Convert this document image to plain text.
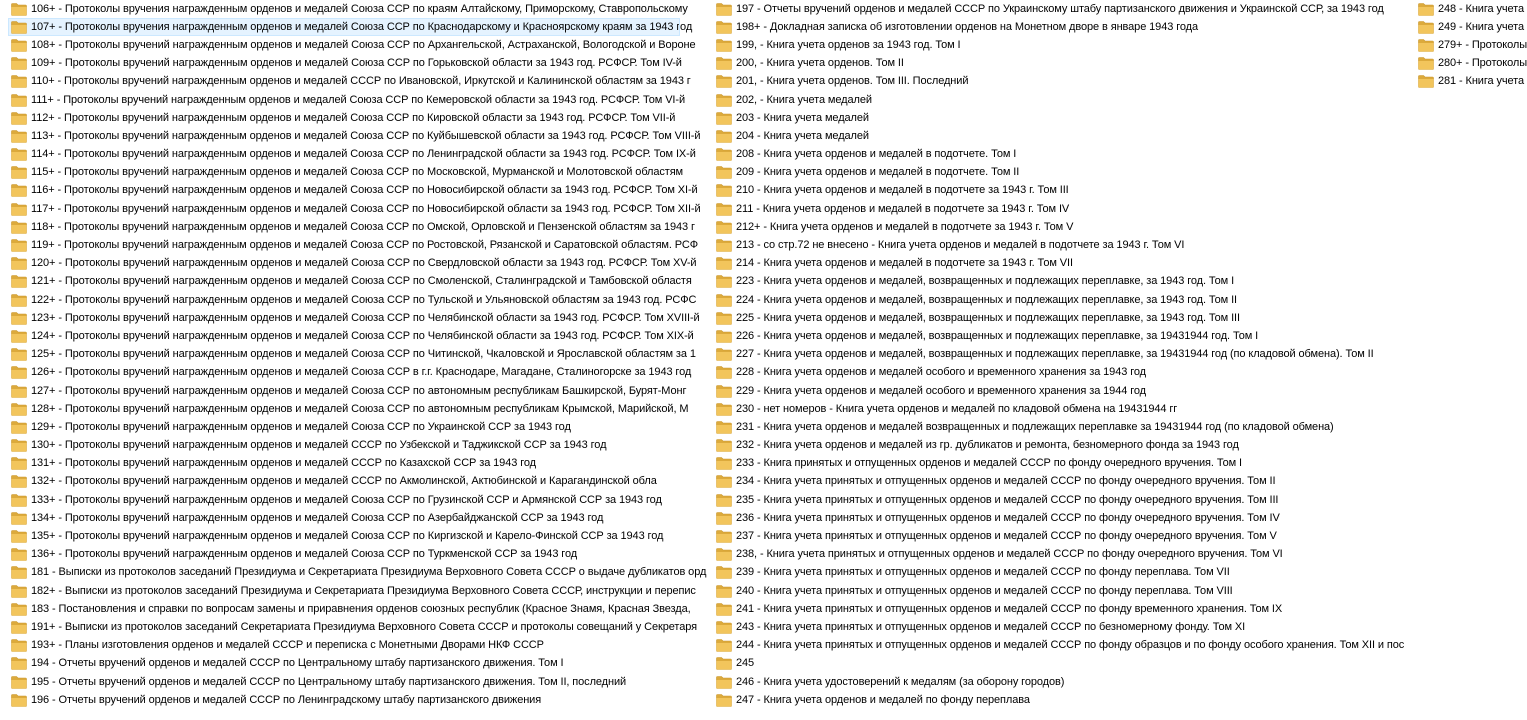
106+ - Протоколы вручения награжденным орденов и медалей Союза ССР по краям Алтайскому, Приморскому, Ставропольскому
107+ - Протоколы вручения награжденным орденов и медалей Союза ССР по Краснодарскому и Красноярскому краям за 1943 год
108+ - Протоколы вручений награжденным орденов и медалей Союза ССР по Архангельской, Астраханской, Вологодской и Вороне
109+ - Протоколы вручений награжденным орденов и медалей Союза ССР по Горьковской области за 1943 год. РСФСР. Том IV-й
110+ - Протоколы вручений награжденным орденов и медалей СССР по Ивановской, Иркутской и Калининской областям за 1943 г
111+ - Протоколы вручений награжденным орденов и медалей Союза ССР по Кемеровской области за 1943 год. РСФСР. Том VI-й
112+ - Протоколы вручений награжденным орденов и медалей Союза ССР по Кировской области за 1943 год. РСФСР. Том VII-й
113+ - Протоколы вручений награжденным орденов и медалей Союза ССР по Куйбышевской области за 1943 год. РСФСР. Том VIII-й
114+ - Протоколы вручений награжденным орденов и медалей Союза ССР по Ленинградской области за 1943 год. РСФСР. Том IX-й
115+ - Протоколы вручений награжденным орденов и медалей Союза ССР по Московской, Мурманской и Молотовской областям
116+ - Протоколы вручений награжденным орденов и медалей Союза ССР по Новосибирской области за 1943 год. РСФСР. Том XI-й
117+ - Протоколы вручений награжденным орденов и медалей Союза ССР по Новосибирской области за 1943 год. РСФСР. Том XII-й
118+ - Протоколы вручений награжденным орденов и медалей Союза ССР по Омской, Орловской и Пензенской областям за 1943 г
119+ - Протоколы вручений награжденным орденов и медалей Союза ССР по Ростовской, Рязанской и Саратовской областям. РСФ
120+ - Протоколы вручений награжденным орденов и медалей Союза ССР по Свердловской области за 1943 год. РСФСР. Том XV-й
121+ - Протоколы вручений награжденным орденов и медалей Союза ССР по Смоленской, Сталинградской и Тамбовской областя
122+ - Протоколы вручений награжденным орденов и медалей Союза ССР по Тульской и Ульяновской областям за 1943 год. РСФС
123+ - Протоколы вручений награжденным орденов и медалей Союза ССР по Челябинской области за 1943 год. РСФСР. Том XVIII-й
124+ - Протоколы вручений награжденным орденов и медалей Союза ССР по Челябинской области за 1943 год. РСФСР. Том XIX-й
125+ - Протоколы вручений награжденным орденов и медалей Союза ССР по Читинской, Чкаловской и Ярославской областям за 1
126+ - Протоколы вручений награжденным орденов и медалей Союза ССР в г.г. Краснодаре, Магадане, Сталиногорске за 1943 год
127+ - Протоколы вручений награжденным орденов и медалей Союза ССР по автономным республикам Башкирской, Бурят-Монг
128+ - Протоколы вручений награжденным орденов и медалей Союза ССР по автономным республикам Крымской, Марийской, М
129+ - Протоколы вручений награжденным орденов и медалей Союза ССР по Украинской ССР за 1943 год
130+ - Протоколы вручений награжденным орденов и медалей СССР по Узбекской и Таджикской ССР за 1943 год
131+ - Протоколы вручений награжденным орденов и медалей СССР по Казахской ССР за 1943 год
132+ - Протоколы вручений награжденным орденов и медалей СССР по Акмолинской, Актюбинской и Карагандинской обла
133+ - Протоколы вручений награжденным орденов и медалей Союза ССР по Грузинской ССР и Армянской ССР за 1943 год
134+ - Протоколы вручений награжденным орденов и медалей Союза ССР по Азербайджанской ССР за 1943 год
135+ - Протоколы вручений награжденным орденов и медалей Союза ССР по Киргизской и Карело-Финской ССР за 1943 год
136+ - Протоколы вручений награжденным орденов и медалей Союза ССР по Туркменской ССР за 1943 год
181 - Выписки из протоколов заседаний Президиума и Секретариата Президиума Верховного Совета СССР о выдаче дубликатов орд
182+ - Выписки из протоколов заседаний Президиума и Секретариата Президиума Верховного Совета СССР, инструкции и перепис
183 - Постановления и справки по вопросам замены и приравнения орденов союзных республик (Красное Знамя, Красная Звезда,
191+ - Выписки из протоколов заседаний Секретариата Президиума Верховного Совета СССР и протоколы совещаний у Секретаря
193+ - Планы изготовления орденов и медалей СССР и переписка с Монетными Дворами НКФ СССР
194 - Отчеты вручений орденов и медалей СССР по Центральному штабу партизанского движения. Том I
195 - Отчеты вручений орденов и медалей СССР по Центральному штабу партизанского движения. Том II, последний
196 - Отчеты вручений орденов и медалей СССР по Ленинградскому штабу партизанского движения
197 - Отчеты вручений орденов и медалей СССР по Украинскому штабу партизанского движения и Украинской ССР, за 1943 год
198+ - Докладная записка об изготовлении орденов на Монетном дворе в январе 1943 года
199, - Книга учета орденов за 1943 год. Том I
200, - Книга учета орденов. Том II
201, - Книга учета орденов. Том III. Последний
202, - Книга учета медалей
203 - Книга учета медалей
204 - Книга учета медалей
208 - Книга учета орденов и медалей в подотчете. Том I
209 - Книга учета орденов и медалей в подотчете. Том II
210 - Книга учета орденов и медалей в подотчете за 1943 г. Том III
211 - Книга учета орденов и медалей в подотчете за 1943 г. Том IV
212+ - Книга учета орденов и медалей в подотчете за 1943 г. Том V
213 - со стр.72 не внесено - Книга учета орденов и медалей в подотчете за 1943 г. Том VI
214 - Книга учета орденов и медалей в подотчете за 1943 г. Том VII
223 - Книга учета орденов и медалей, возвращенных и подлежащих переплавке, за 1943 год. Том I
224 - Книга учета орденов и медалей, возвращенных и подлежащих переплавке, за 1943 год. Том II
225 - Книга учета орденов и медалей, возвращенных и подлежащих переплавке, за 1943 год. Том III
226 - Книга учета орденов и медалей, возвращенных и подлежащих переплавке, за 19431944 год. Том I
227 - Книга учета орденов и медалей, возвращенных и подлежащих переплавке, за 19431944 год (по кладовой обмена). Том II
228 - Книга учета орденов и медалей особого и временного хранения за 1943 год
229 - Книга учета орденов и медалей особого и временного хранения за 1944 год
230 - нет номеров - Книга учета орденов и медалей по кладовой обмена на 19431944 гг
231 - Книга учета орденов и медалей возвращенных и подлежащих переплавке за 19431944 год (по кладовой обмена)
232 - Книга учета орденов и медалей из гр. дубликатов и ремонта, безномерного фонда за 1943 год
233 - Книга принятых и отпущенных орденов и медалей СССР по фонду очередного вручения. Том I
234 - Книга учета принятых и отпущенных орденов и медалей СССР по фонду очередного вручения. Том II
235 - Книга учета принятых и отпущенных орденов и медалей СССР по фонду очередного вручения. Том III
236 - Книга учета принятых и отпущенных орденов и медалей СССР по фонду очередного вручения. Том IV
237 - Книга учета принятых и отпущенных орденов и медалей СССР по фонду очередного вручения. Том V
238, - Книга учета принятых и отпущенных орденов и медалей СССР по фонду очередного вручения. Том VI
239 - Книга учета принятых и отпущенных орденов и медалей СССР по фонду переплава. Том VII
240 - Книга учета принятых и отпущенных орденов и медалей СССР по фонду переплава. Том VIII
241 - Книга учета принятых и отпущенных орденов и медалей СССР по фонду временного хранения. Том IX
243 - Книга учета принятых и отпущенных орденов и медалей СССР по безномерному фонду. Том XI
244 - Книга учета принятых и отпущенных орденов и медалей СССР по фонду образцов и по фонду особого хранения. Том XII и пос
245
246 - Книга учета удостоверений к медалям (за оборону городов)
247 - Книга учета орденов и медалей по фонду переплава
248 - Книга учета
249 - Книга учета
279+ - Протоколы
280+ - Протоколы
281 - Книга учета
